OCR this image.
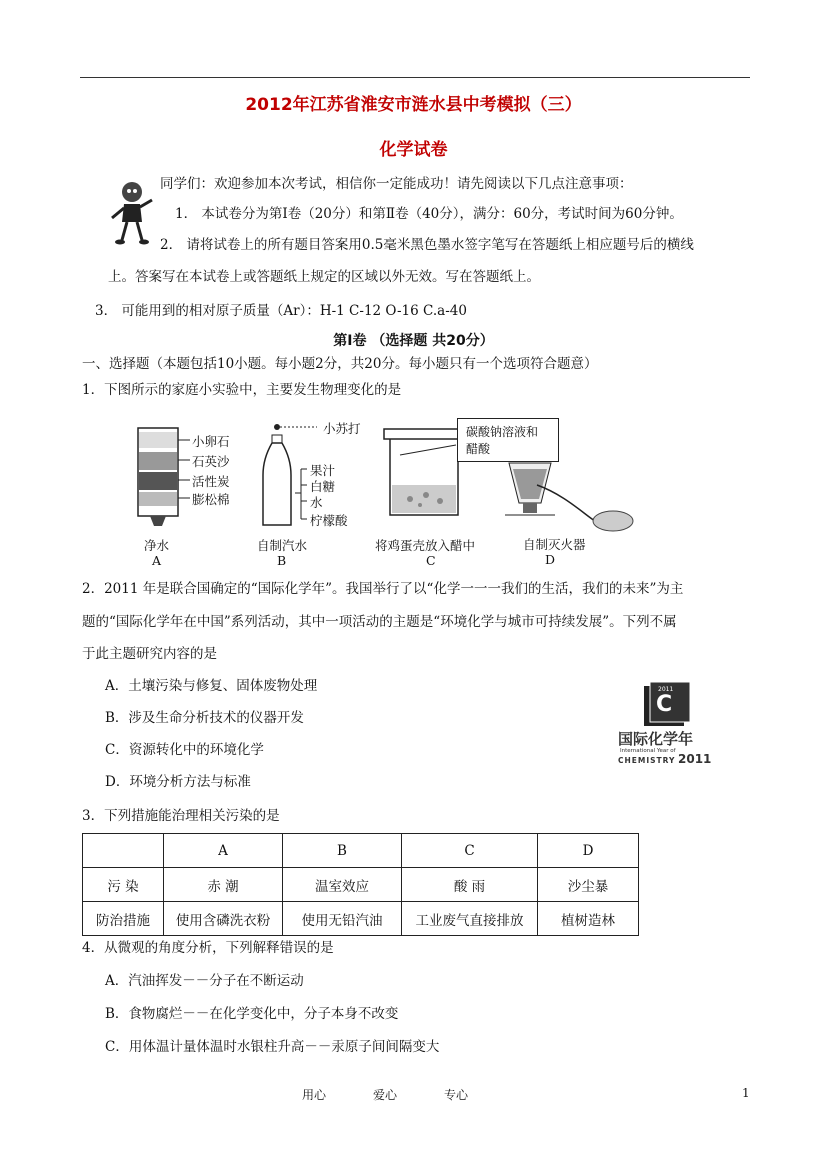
2012年江苏省淮安市涟水县中考模拟（三）
化学试卷
同学们：欢迎参加本次考试，相信你一定能成功！请先阅读以下几点注意事项：
1． 本试卷分为第Ⅰ卷（20分）和第Ⅱ卷（40分），满分：60分，考试时间为60分钟。
2． 请将试卷上的所有题目答案用0.5毫米黑色墨水签字笔写在答题纸上相应题号后的横线
上。答案写在本试卷上或答题纸上规定的区域以外无效。写在答题纸上。
3． 可能用到的相对原子质量（Ar）：H-1 C-12 O-16 C.a-40
第Ⅰ卷 （选择题 共20分）
一、选择题（本题包括10小题。每小题2分，共20分。每小题只有一个选项符合题意）
1．下图所示的家庭小实验中，主要发生物理变化的是
小卵石
石英沙
活性炭
膨松棉
净水
A
小苏打
果汁
白糖
水
柠檬酸
自制汽水
B
将鸡蛋壳放入醋中
C
碳酸钠溶液和
醋酸
自制灭火器
D
2．2011 年是联合国确定的“国际化学年”。我国举行了以“化学一一一我们的生活，我们的未来”为主
题的“国际化学年在中国”系列活动，其中一项活动的主题是“环境化学与城市可持续发展”。下列不属
于此主题研究内容的是
A．土壤污染与修复、固体废物处理
B．涉及生命分析技术的仪器开发
C．资源转化中的环境化学
D．环境分析方法与标准
2011
C
国际化学年
International Year of
CHEMISTRY 2011
3．下列措施能治理相关污染的是
	A	B	C	D
污 染	赤 潮	温室效应	酸 雨	沙尘暴
防治措施	使用含磷洗衣粉	使用无铅汽油	工业废气直接排放	植树造林
4．从微观的角度分析，下列解释错误的是
A．汽油挥发－－分子在不断运动
B．食物腐烂－－在化学变化中，分子本身不改变
C．用体温计量体温时水银柱升高－－汞原子间间隔变大
用心	爱心	专心	1
